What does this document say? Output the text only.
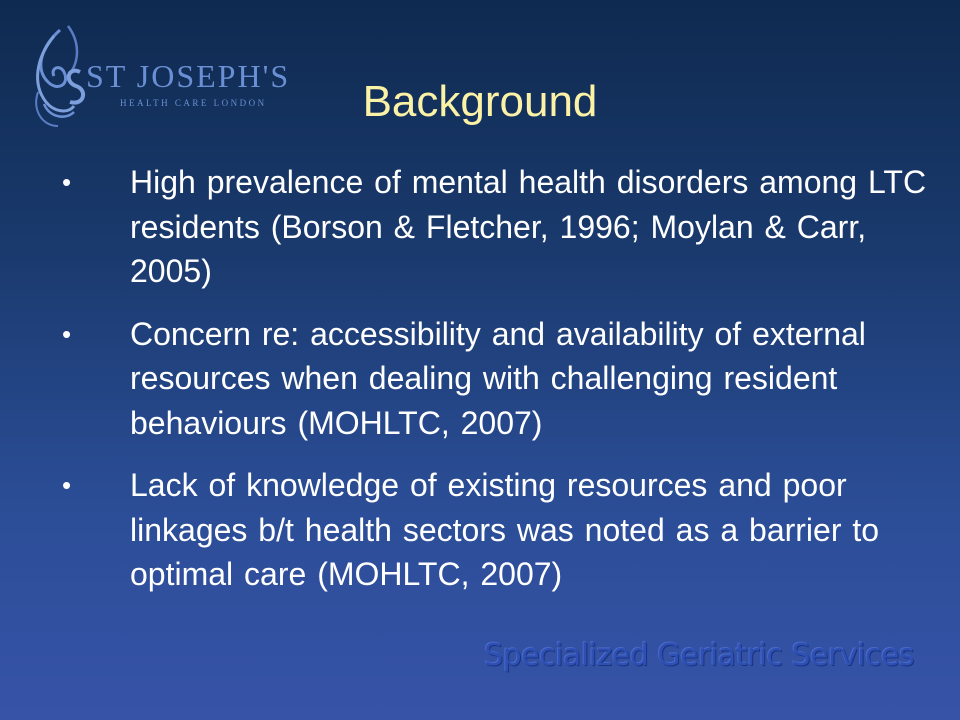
ST JOSEPH'S
HEALTH CARE LONDON	Background
• High prevalence of mental health disorders among LTC residents (Borson & Fletcher, 1996; Moylan & Carr, 2005)
• Concern re: accessibility and availability of external resources when dealing with challenging resident behaviours (MOHLTC, 2007)
• Lack of knowledge of existing resources and poor linkages b/t health sectors was noted as a barrier to optimal care (MOHLTC, 2007)
Specialized Geriatric Services
